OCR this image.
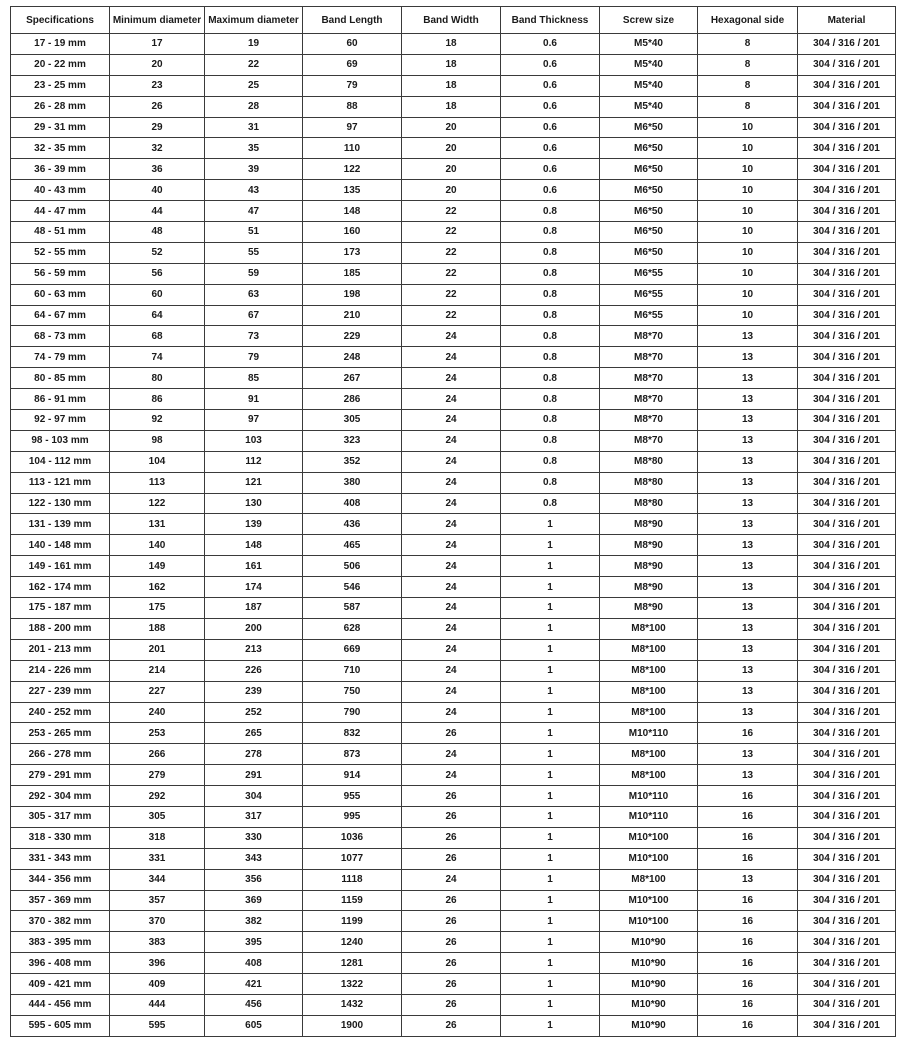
Specifications	Minimum diameter	Maximum diameter	Band Length	Band Width	Band Thickness	Screw size	Hexagonal side	Material
17 - 19 mm	17	19	60	18	0.6	M5*40	8	304 / 316 / 201
20 - 22 mm	20	22	69	18	0.6	M5*40	8	304 / 316 / 201
23 - 25 mm	23	25	79	18	0.6	M5*40	8	304 / 316 / 201
26 - 28 mm	26	28	88	18	0.6	M5*40	8	304 / 316 / 201
29 - 31 mm	29	31	97	20	0.6	M6*50	10	304 / 316 / 201
32 - 35 mm	32	35	110	20	0.6	M6*50	10	304 / 316 / 201
36 - 39 mm	36	39	122	20	0.6	M6*50	10	304 / 316 / 201
40 - 43 mm	40	43	135	20	0.6	M6*50	10	304 / 316 / 201
44 - 47 mm	44	47	148	22	0.8	M6*50	10	304 / 316 / 201
48 - 51 mm	48	51	160	22	0.8	M6*50	10	304 / 316 / 201
52 - 55 mm	52	55	173	22	0.8	M6*50	10	304 / 316 / 201
56 - 59 mm	56	59	185	22	0.8	M6*55	10	304 / 316 / 201
60 - 63 mm	60	63	198	22	0.8	M6*55	10	304 / 316 / 201
64 - 67 mm	64	67	210	22	0.8	M6*55	10	304 / 316 / 201
68 - 73 mm	68	73	229	24	0.8	M8*70	13	304 / 316 / 201
74 - 79 mm	74	79	248	24	0.8	M8*70	13	304 / 316 / 201
80 - 85 mm	80	85	267	24	0.8	M8*70	13	304 / 316 / 201
86 - 91 mm	86	91	286	24	0.8	M8*70	13	304 / 316 / 201
92 - 97 mm	92	97	305	24	0.8	M8*70	13	304 / 316 / 201
98 - 103 mm	98	103	323	24	0.8	M8*70	13	304 / 316 / 201
104 - 112 mm	104	112	352	24	0.8	M8*80	13	304 / 316 / 201
113 - 121 mm	113	121	380	24	0.8	M8*80	13	304 / 316 / 201
122 - 130 mm	122	130	408	24	0.8	M8*80	13	304 / 316 / 201
131 - 139 mm	131	139	436	24	1	M8*90	13	304 / 316 / 201
140 - 148 mm	140	148	465	24	1	M8*90	13	304 / 316 / 201
149 - 161 mm	149	161	506	24	1	M8*90	13	304 / 316 / 201
162 - 174 mm	162	174	546	24	1	M8*90	13	304 / 316 / 201
175 - 187 mm	175	187	587	24	1	M8*90	13	304 / 316 / 201
188 - 200 mm	188	200	628	24	1	M8*100	13	304 / 316 / 201
201 - 213 mm	201	213	669	24	1	M8*100	13	304 / 316 / 201
214 - 226 mm	214	226	710	24	1	M8*100	13	304 / 316 / 201
227 - 239 mm	227	239	750	24	1	M8*100	13	304 / 316 / 201
240 - 252 mm	240	252	790	24	1	M8*100	13	304 / 316 / 201
253 - 265 mm	253	265	832	26	1	M10*110	16	304 / 316 / 201
266 - 278 mm	266	278	873	24	1	M8*100	13	304 / 316 / 201
279 - 291 mm	279	291	914	24	1	M8*100	13	304 / 316 / 201
292 - 304 mm	292	304	955	26	1	M10*110	16	304 / 316 / 201
305 - 317 mm	305	317	995	26	1	M10*110	16	304 / 316 / 201
318 - 330 mm	318	330	1036	26	1	M10*100	16	304 / 316 / 201
331 - 343 mm	331	343	1077	26	1	M10*100	16	304 / 316 / 201
344 - 356 mm	344	356	1118	24	1	M8*100	13	304 / 316 / 201
357 - 369 mm	357	369	1159	26	1	M10*100	16	304 / 316 / 201
370 - 382 mm	370	382	1199	26	1	M10*100	16	304 / 316 / 201
383 - 395 mm	383	395	1240	26	1	M10*90	16	304 / 316 / 201
396 - 408 mm	396	408	1281	26	1	M10*90	16	304 / 316 / 201
409 - 421 mm	409	421	1322	26	1	M10*90	16	304 / 316 / 201
444 - 456 mm	444	456	1432	26	1	M10*90	16	304 / 316 / 201
595 - 605 mm	595	605	1900	26	1	M10*90	16	304 / 316 / 201
